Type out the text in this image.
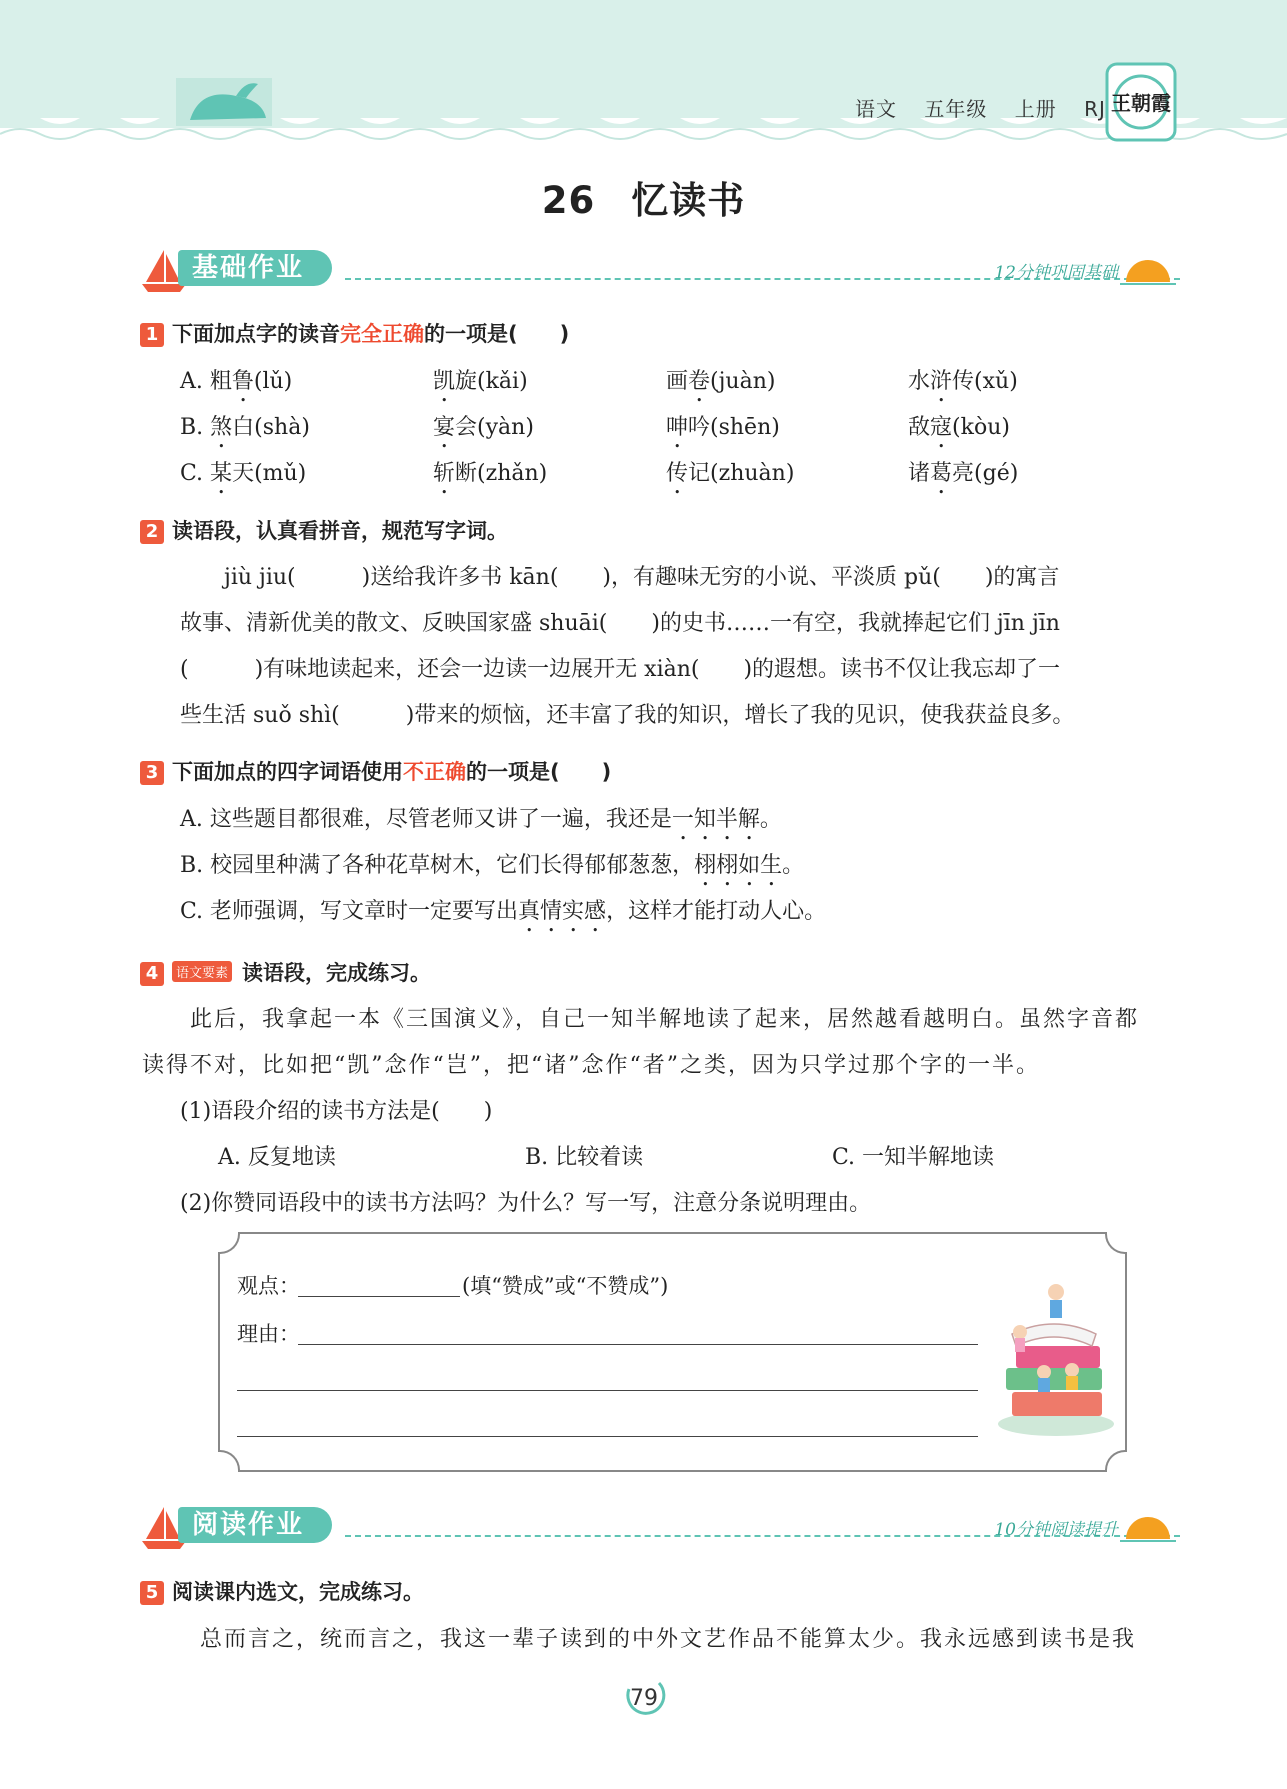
语文 五年级 上册 RJ 王朝霞
26 忆读书
基础作业	12分钟巩固基础
1 下面加点字的读音完全正确的一项是(　　)
A. 粗鲁(lǔ)	凯旋(kǎi)	画卷(juàn)	水浒传(xǔ)
B. 煞白(shà)	宴会(yàn)	呻吟(shēn)	敌寇(kòu)
C. 某天(mǔ)	斩断(zhǎn)	传记(zhuàn)	诸葛亮(gé)
2 读语段，认真看拼音，规范写字词。
　　jiù jiu(　　　)送给我许多书 kān(　　)，有趣味无穷的小说、平淡质 pǔ(　　)的寓言
故事、清新优美的散文、反映国家盛 shuāi(　　)的史书……一有空，我就捧起它们 jīn jīn
(　　　)有味地读起来，还会一边读一边展开无 xiàn(　　)的遐想。读书不仅让我忘却了一
些生活 suǒ shì(　　　)带来的烦恼，还丰富了我的知识，增长了我的见识，使我获益良多。
3 下面加点的四字词语使用不正确的一项是(　　)
A. 这些题目都很难，尽管老师又讲了一遍，我还是一知半解。
B. 校园里种满了各种花草树木，它们长得郁郁葱葱，栩栩如生。
C. 老师强调，写文章时一定要写出真情实感，这样才能打动人心。
4 语文要素 读语段，完成练习。
　　此后，我拿起一本《三国演义》，自己一知半解地读了起来，居然越看越明白。虽然字音都
读得不对，比如把“凯”念作“岂”，把“诸”念作“者”之类，因为只学过那个字的一半。
(1)语段介绍的读书方法是(　　)
A. 反复地读	B. 比较着读	C. 一知半解地读
(2)你赞同语段中的读书方法吗？为什么？写一写，注意分条说明理由。
观点：	(填“赞成”或“不赞成”)
理由：
阅读作业	10分钟阅读提升
5 阅读课内选文，完成练习。
　　总而言之，统而言之，我这一辈子读到的中外文艺作品不能算太少。我永远感到读书是我
79
